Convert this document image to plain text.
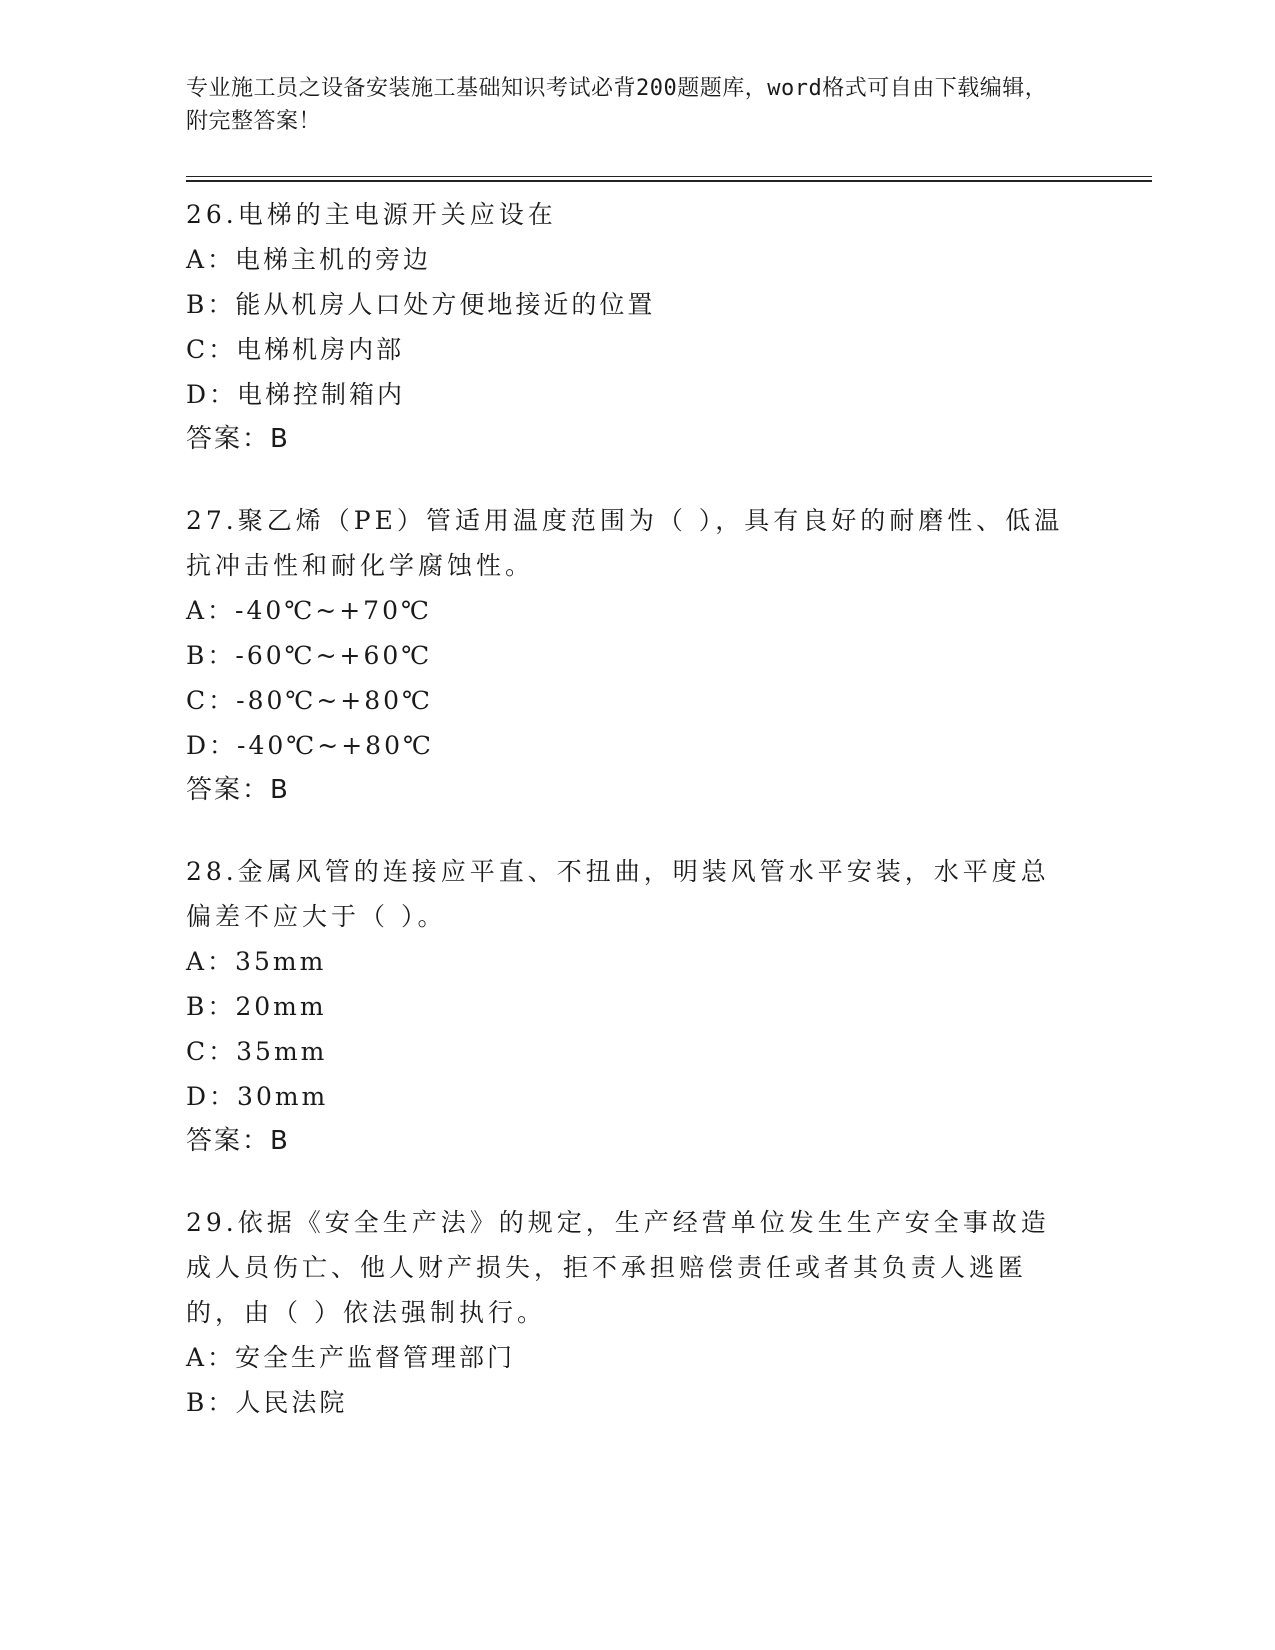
专业施工员之设备安装施工基础知识考试必背200题题库，word格式可自由下载编辑，附完整答案！

26.电梯的主电源开关应设在

A：电梯主机的旁边

B：能从机房人口处方便地接近的位置

C：电梯机房内部

D：电梯控制箱内

答案：B

27.聚乙烯（PE）管适用温度范围为（ ），具有良好的耐磨性、低温抗冲击性和耐化学腐蚀性。

A：-40℃~+70℃

B：-60℃~+60℃

C：-80℃~+80℃

D：-40℃~+80℃

答案：B

28.金属风管的连接应平直、不扭曲，明装风管水平安装，水平度总偏差不应大于（ ）。

A：35mm

B：20mm

C：35mm

D：30mm

答案：B

29.依据《安全生产法》的规定，生产经营单位发生生产安全事故造成人员伤亡、他人财产损失，拒不承担赔偿责任或者其负责人逃匿的，由（ ）依法强制执行。

A：安全生产监督管理部门

B：人民法院
